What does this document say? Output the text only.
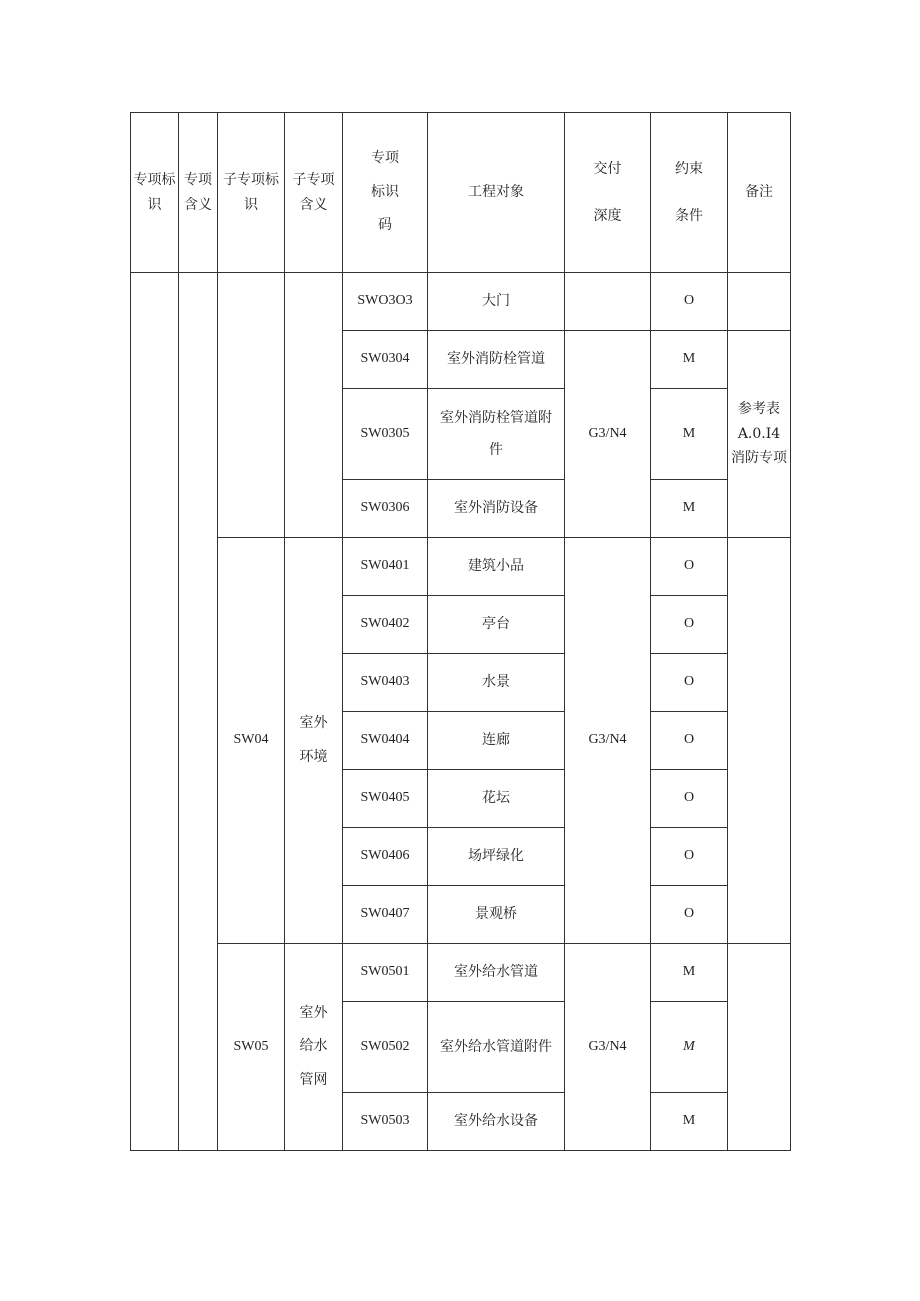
专项标识	专项含义	子专项标识	子专项含义	专项标识码	工程对象	交付深度	约束条件	备注
				SWO3O3	大门		O	
				SW0304	室外消防栓管道	G3/N4	M	参考表A.0.I4消防专项
				SW0305	室外消防栓管道附件		M	
				SW0306	室外消防设备		M	
		SW04	室外环境	SW0401	建筑小品	G3/N4	O	
				SW0402	亭台		O	
				SW0403	水景		O	
				SW0404	连廊		O	
				SW0405	花坛		O	
				SW0406	场坪绿化		O	
				SW0407	景观桥		O	
		SW05	室外给水管网	SW0501	室外给水管道	G3/N4	M	
				SW0502	室外给水管道附件		M	
				SW0503	室外给水设备		M	
